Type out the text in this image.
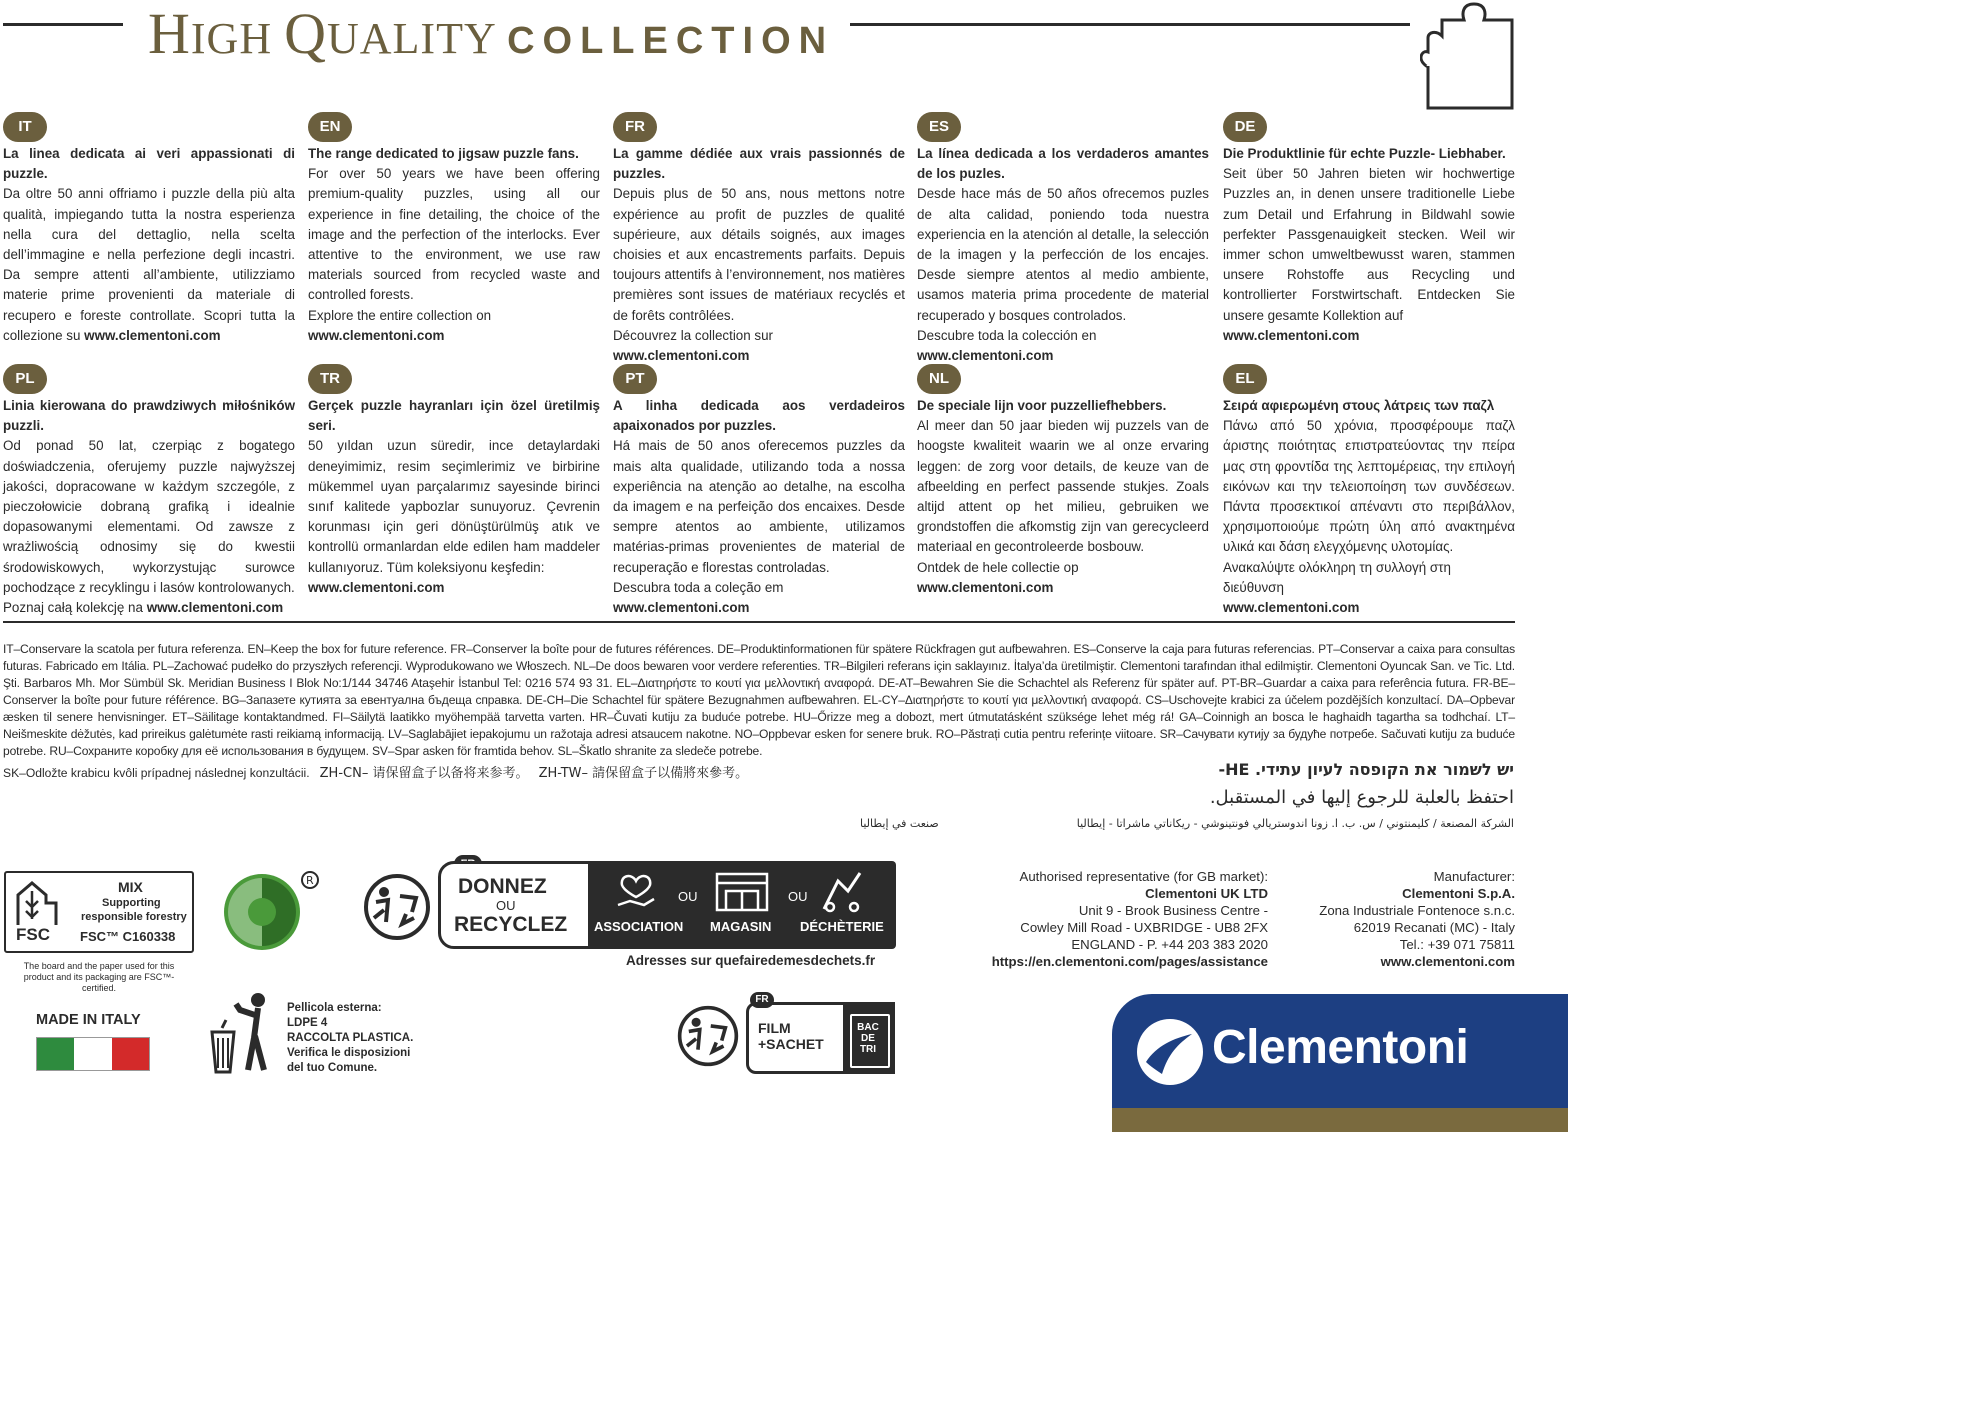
HIGH QUALITY COLLECTION
IT
La linea dedicata ai veri appassionati di puzzle.
Da oltre 50 anni offriamo i puzzle della più alta qualità, impiegando tutta la nostra esperienza nella cura del dettaglio, nella scelta dell’immagine e nella perfezione degli incastri. Da sempre attenti all’ambiente, utilizziamo materie prime provenienti da materiale di recupero e foreste controllate. Scopri tutta la collezione su www.clementoni.com
EN
The range dedicated to jigsaw puzzle fans.
For over 50 years we have been offering premium-quality puzzles, using all our experience in fine detailing, the choice of the image and the perfection of the interlocks. Ever attentive to the environment, we use raw materials sourced from recycled waste and controlled forests.
Explore the entire collection on
www.clementoni.com
FR
La gamme dédiée aux vrais passionnés de puzzles.
Depuis plus de 50 ans, nous mettons notre expérience au profit de puzzles de qualité supérieure, aux détails soignés, aux images choisies et aux encastrements parfaits. Depuis toujours attentifs à l’environnement, nos matières premières sont issues de matériaux recyclés et de forêts contrôlées.
Découvrez la collection sur www.clementoni.com
ES
La línea dedicada a los verdaderos amantes de los puzles.
Desde hace más de 50 años ofrecemos puzles de alta calidad, poniendo toda nuestra experiencia en la atención al detalle, la selección de la imagen y la perfección de los encajes. Desde siempre atentos al medio ambiente, usamos materia prima procedente de material recuperado y bosques controlados.
Descubre toda la colección en www.clementoni.com
DE
Die Produktlinie für echte Puzzle- Liebhaber.
Seit über 50 Jahren bieten wir hochwertige Puzzles an, in denen unsere traditionelle Liebe zum Detail und Erfahrung in Bildwahl sowie perfekter Passgenauigkeit stecken. Weil wir immer schon umweltbewusst waren, stammen unsere Rohstoffe aus Recycling und kontrollierter Forstwirtschaft. Entdecken Sie unsere gesamte Kollektion auf
www.clementoni.com
PL
Linia kierowana do prawdziwych miłośników puzzli.
Od ponad 50 lat, czerpiąc z bogatego doświadczenia, oferujemy puzzle najwyższej jakości, dopracowane w każdym szczególe, z pieczołowicie dobraną grafiką i idealnie dopasowanymi elementami. Od zawsze z wrażliwością odnosimy się do kwestii środowiskowych, wykorzystując surowce pochodzące z recyklingu i lasów kontrolowanych.
Poznaj całą kolekcję na www.clementoni.com
TR
Gerçek puzzle hayranları için özel üretilmiş seri.
50 yıldan uzun süredir, ince detaylardaki deneyimimiz, resim seçimlerimiz ve birbirine mükemmel uyan parçalarımız sayesinde birinci sınıf kalitede yapbozlar sunuyoruz. Çevrenin korunması için geri dönüştürülmüş atık ve kontrollü ormanlardan elde edilen ham maddeler kullanıyoruz. Tüm koleksiyonu keşfedin:
www.clementoni.com
PT
A linha dedicada aos verdadeiros apaixonados por puzzles.
Há mais de 50 anos oferecemos puzzles da mais alta qualidade, utilizando toda a nossa experiência na atenção ao detalhe, na escolha da imagem e na perfeição dos encaixes. Desde sempre atentos ao ambiente, utilizamos matérias-primas provenientes de material de recuperação e florestas controladas.
Descubra toda a coleção em
www.clementoni.com
NL
De speciale lijn voor puzzelliefhebbers.
Al meer dan 50 jaar bieden wij puzzels van de hoogste kwaliteit waarin we al onze ervaring leggen: de zorg voor details, de keuze van de afbeelding en perfect passende stukjes. Zoals altijd attent op het milieu, gebruiken we grondstoffen die afkomstig zijn van gerecycleerd materiaal en gecontroleerde bosbouw.
Ontdek de hele collectie op
www.clementoni.com
EL
Σειρά αφιερωμένη στους λάτρεις των παζλ
Πάνω από 50 χρόνια, προσφέρουμε παζλ άριστης ποιότητας επιστρατεύοντας την πείρα μας στη φροντίδα της λεπτομέρειας, την επιλογή εικόνων και την τελειοποίηση των συνδέσεων. Πάντα προσεκτικοί απέναντι στο περιβάλλον, χρησιμοποιούμε πρώτη ύλη από ανακτημένα υλικά και δάση ελεγχόμενης υλοτομίας.
Ανακαλύψτε ολόκληρη τη συλλογή στη διεύθυνση
www.clementoni.com
IT–Conservare la scatola per futura referenza. EN–Keep the box for future reference. FR–Conserver la boîte pour de futures références. DE–Produktinformationen für spätere Rückfragen gut aufbewahren. ES–Conserve la caja para futuras referencias. PT–Conservar a caixa para consultas futuras. Fabricado em Itália. PL–Zachować pudełko do przyszłych referencji. Wyprodukowano we Włoszech. NL–De doos bewaren voor verdere referenties. TR–Bilgileri referans için saklayınız. İtalya’da üretilmiştir. Clementoni tarafından ithal edilmiştir. Clementoni Oyuncak San. ve Tic. Ltd. Şti. Barbaros Mh. Mor Sümbül Sk. Meridian Business I Blok No:1/144 34746 Ataşehir İstanbul Tel: 0216 574 93 31. EL–Διατηρήστε το κουτί για μελλοντική αναφορά. DE-AT–Bewahren Sie die Schachtel als Referenz für später auf. PT-BR–Guardar a caixa para referência futura. FR-BE–Conserver la boîte pour future référence. BG–Запазете кутията за евентуална бъдеща справка. DE-CH–Die Schachtel für spätere Bezugnahmen aufbewahren. EL-CY–Διατηρήστε το κουτί για μελλοντική αναφορά. CS–Uschovejte krabici za účelem pozdějších konzultací. DA–Opbevar æsken til senere henvisninger. ET–Säilitage kontaktandmed. FI–Säilytä laatikko myöhempää tarvetta varten. HR–Čuvati kutiju za buduće potrebe. HU–Őrizze meg a dobozt, mert útmutatásként szüksége lehet még rá! GA–Coinnigh an bosca le haghaidh tagartha sa todhchaí. LT–Neišmeskite dėžutės, kad prireikus galėtumėte rasti reikiamą informaciją. LV–Saglabājiet iepakojumu un ražotaja adresi atsaucem nakotne. NO–Oppbevar esken for senere bruk. RO–Păstrați cutia pentru referințe viitoare. SR–Сачувати кутију за будуће потребе. Sačuvati kutiju za buduće potrebe. RU–Сохраните коробку для её использования в будущем. SV–Spar asken för framtida behov. SL–Škatlo shranite za sledeče potrebe.
SK–Odložte krabicu kvôli prípadnej následnej konzultácii. ZH-CN– 请保留盒子以备将来参考。 ZH-TW– 請保留盒子以備將來參考。	יש לשמור את הקופסה לעיון עתידי. HE-
احتفظ بالعلبة للرجوع إليها في المستقبل.
الشركة المصنعة / كليمنتوني / س. ب. ا. زونا اندوستريالي فونتينوشي - ريكاناتي ماشراتا - إيطاليا
صنعت في إيطاليا
FSC
MIX
Supporting
responsible forestry
FSC™ C160338
The board and the paper used for this product and its packaging are FSC™-certified.
R	DONNEZ
OU
RECYCLEZ
OU	OU
ASSOCIATION MAGASIN DÉCHÈTERIE
Adresses sur quefairedemesdechets.fr
MADE IN ITALY
Pellicola esterna:
LDPE 4
RACCOLTA PLASTICA.
Verifica le disposizioni
del tuo Comune.
FR
FILM
+SACHET
BAC
DE
TRI
Authorised representative (for GB market):
Clementoni UK LTD
Unit 9 - Brook Business Centre -
Cowley Mill Road - UXBRIDGE - UB8 2FX
ENGLAND - P. +44 203 383 2020
https://en.clementoni.com/pages/assistance
Manufacturer:
Clementoni S.p.A.
Zona Industriale Fontenoce s.n.c.
62019 Recanati (MC) - Italy
Tel.: +39 071 75811
www.clementoni.com
Clementoni
